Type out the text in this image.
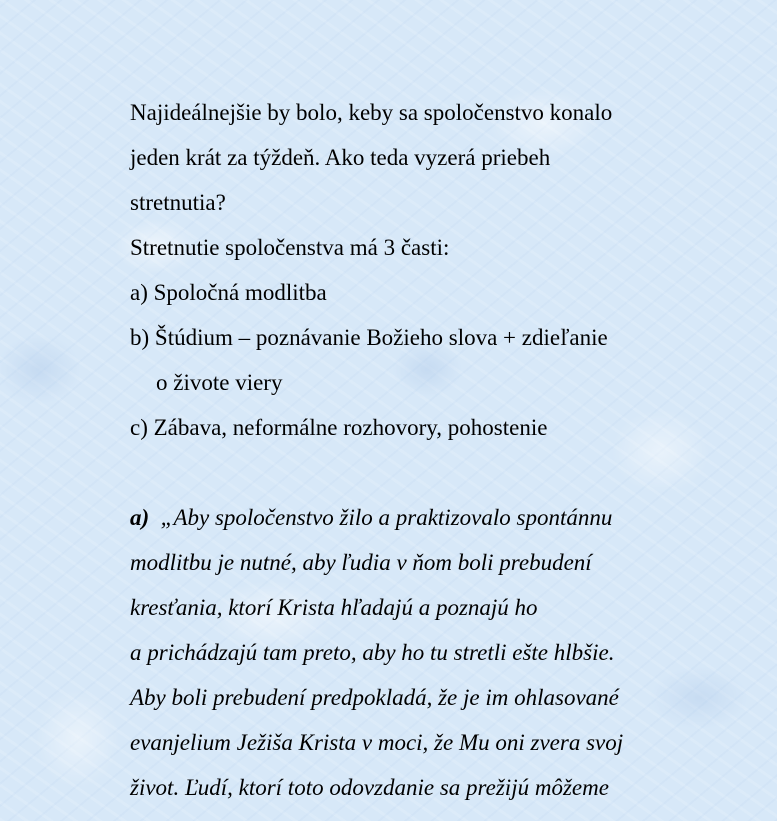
Najideálnejšie by bolo, keby sa spoločenstvo konalo
jeden krát za týždeň. Ako teda vyzerá priebeh
stretnutia?
Stretnutie spoločenstva má 3 časti:
a) Spoločná modlitba
b) Štúdium – poznávanie Božieho slova + zdieľanie
o živote viery
c) Zábava, neformálne rozhovory, pohostenie
a) „Aby spoločenstvo žilo a praktizovalo spontánnu
modlitbu je nutné, aby ľudia v ňom boli prebudení
kresťania, ktorí Krista hľadajú a poznajú ho
a prichádzajú tam preto, aby ho tu stretli ešte hlbšie.
Aby boli prebudení predpokladá, že je im ohlasované
evanjelium Ježiša Krista v moci, že Mu oni zvera svoj
život. Ľudí, ktorí toto odovzdanie sa prežijú môžeme
